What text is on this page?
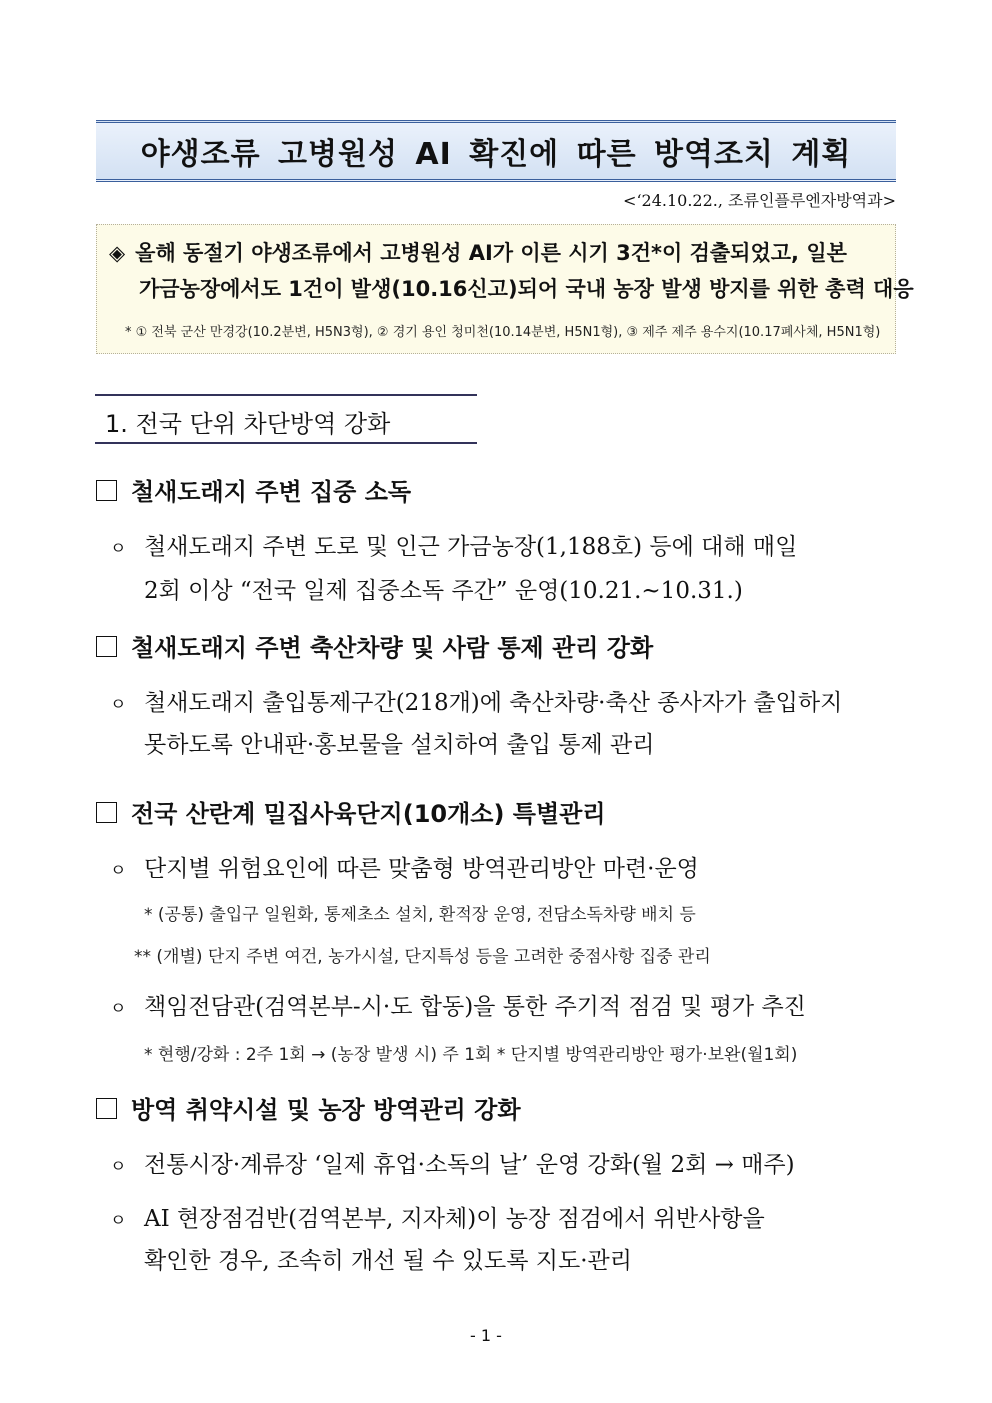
야생조류 고병원성 AI 확진에 따른 방역조치 계획
<‘24.10.22., 조류인플루엔자방역과>
◈ 올해 동절기 야생조류에서 고병원성 AI가 이른 시기 3건*이 검출되었고, 일본
가금농장에서도 1건이 발생(10.16신고)되어 국내 농장 발생 방지를 위한 총력 대응
* ① 전북 군산 만경강(10.2분변, H5N3형), ② 경기 용인 청미천(10.14분변, H5N1형), ③ 제주 제주 용수지(10.17폐사체, H5N1형)
1. 전국 단위 차단방역 강화
철새도래지 주변 집중 소독
ㅇ 철새도래지 주변 도로 및 인근 가금농장(1,188호) 등에 대해 매일
2회 이상 “전국 일제 집중소독 주간” 운영(10.21.~10.31.)
철새도래지 주변 축산차량 및 사람 통제 관리 강화
ㅇ 철새도래지 출입통제구간(218개)에 축산차량·축산 종사자가 출입하지
못하도록 안내판·홍보물을 설치하여 출입 통제 관리
전국 산란계 밀집사육단지(10개소) 특별관리
ㅇ 단지별 위험요인에 따른 맞춤형 방역관리방안 마련·운영
* (공통) 출입구 일원화, 통제초소 설치, 환적장 운영, 전담소독차량 배치 등
** (개별) 단지 주변 여건, 농가시설, 단지특성 등을 고려한 중점사항 집중 관리
ㅇ 책임전담관(검역본부-시·도 합동)을 통한 주기적 점검 및 평가 추진
* 현행/강화 : 2주 1회 → (농장 발생 시) 주 1회 * 단지별 방역관리방안 평가·보완(월1회)
방역 취약시설 및 농장 방역관리 강화
ㅇ 전통시장·계류장 ‘일제 휴업·소독의 날’ 운영 강화(월 2회 → 매주)
ㅇ AI 현장점검반(검역본부, 지자체)이 농장 점검에서 위반사항을
확인한 경우, 조속히 개선 될 수 있도록 지도·관리
- 1 -
